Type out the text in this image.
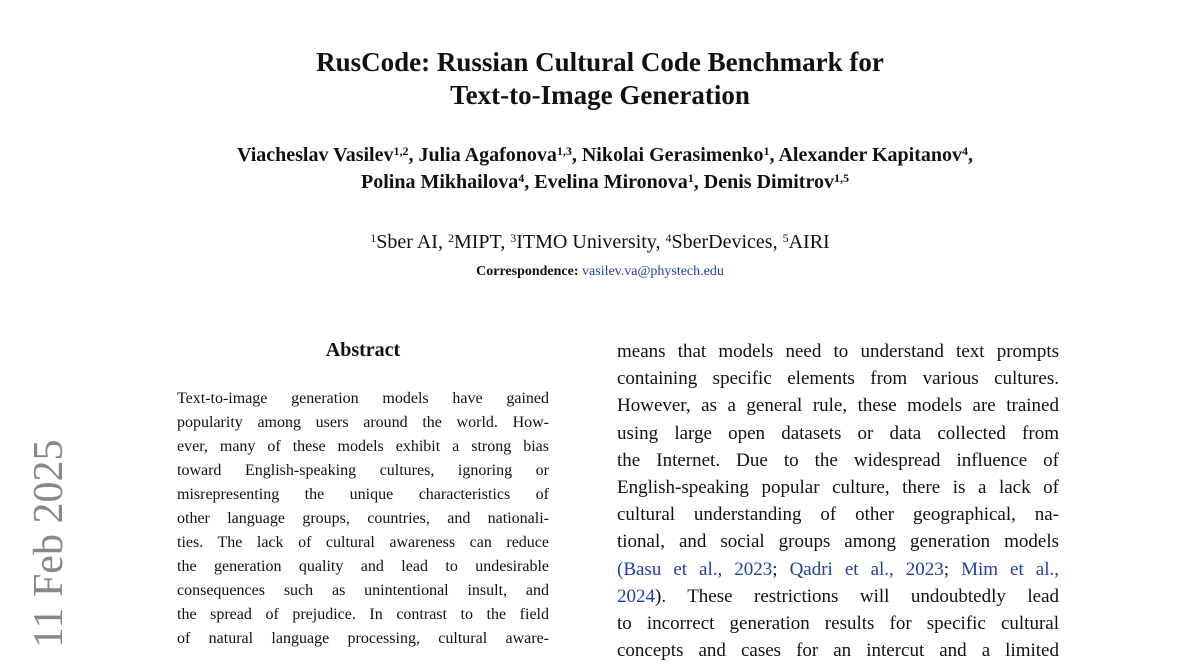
RusCode: Russian Cultural Code Benchmark for
Text-to-Image Generation
Viacheslav Vasilev$^{1,2}$, Julia Agafonova$^{1,3}$, Nikolai Gerasimenko$^1$, Alexander Kapitanov$^4$,
Polina Mikhailova$^4$, Evelina Mironova$^1$, Denis Dimitrov$^{1,5}$
$^1$Sber AI, $^2$MIPT, $^3$ITMO University, $^4$SberDevices, $^5$AIRI
Correspondence: vasilev.va@phystech.edu
Abstract
Text-to-image generation models have gained
popularity among users around the world. How-
ever, many of these models exhibit a strong bias
toward English-speaking cultures, ignoring or
misrepresenting the unique characteristics of
other language groups, countries, and nationali-
ties. The lack of cultural awareness can reduce
the generation quality and lead to undesirable
consequences such as unintentional insult, and
the spread of prejudice. In contrast to the field
of natural language processing, cultural aware-
means that models need to understand text prompts
containing specific elements from various cultures.
However, as a general rule, these models are trained
using large open datasets or data collected from
the Internet. Due to the widespread influence of
English-speaking popular culture, there is a lack of
cultural understanding of other geographical, na-
tional, and social groups among generation models
(Basu et al., 2023; Qadri et al., 2023; Mim et al.,
2024). These restrictions will undoubtedly lead
to incorrect generation results for specific cultural
concepts and cases for an intercut and a limited
11 Feb 2025
